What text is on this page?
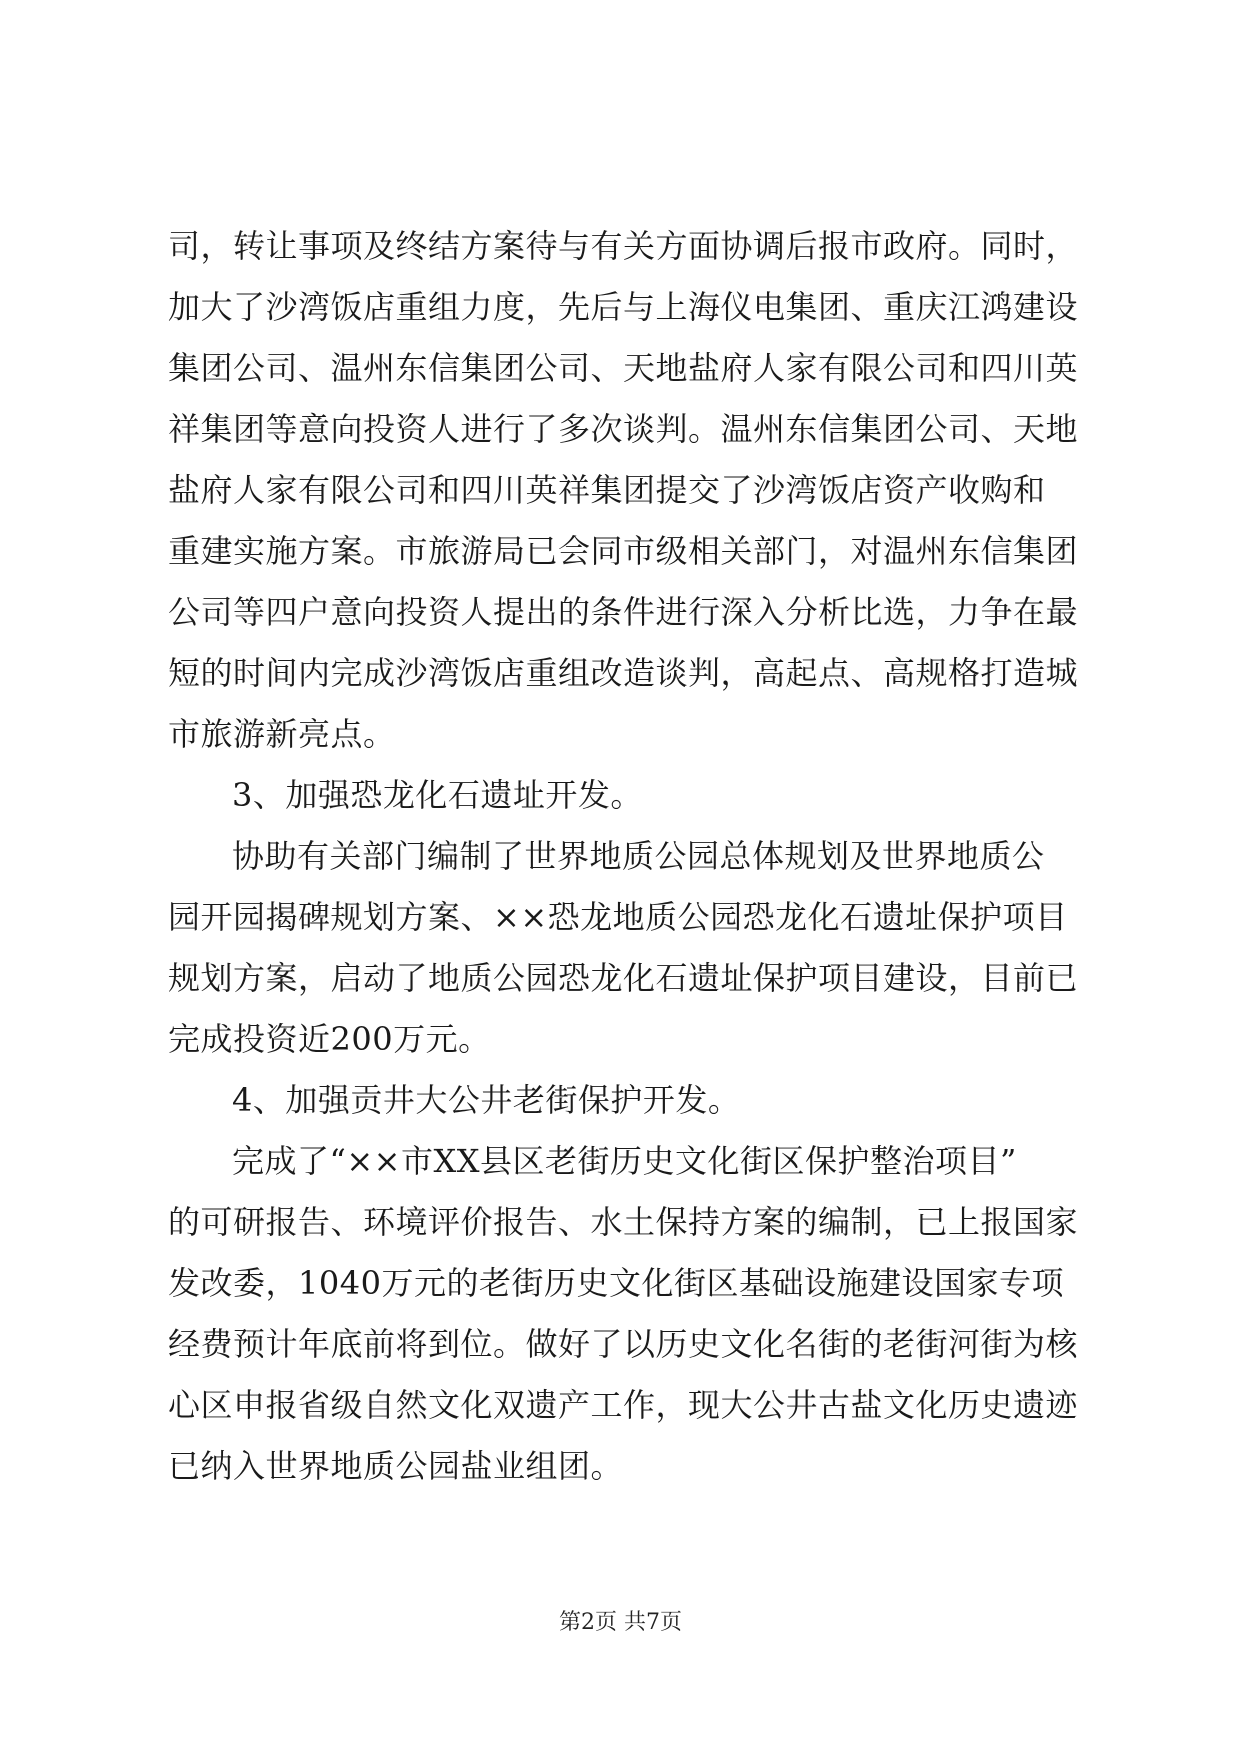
司，转让事项及终结方案待与有关方面协调后报市政府。同时，
加大了沙湾饭店重组力度，先后与上海仪电集团、重庆江鸿建设
集团公司、温州东信集团公司、天地盐府人家有限公司和四川英
祥集团等意向投资人进行了多次谈判。温州东信集团公司、天地
盐府人家有限公司和四川英祥集团提交了沙湾饭店资产收购和
重建实施方案。市旅游局已会同市级相关部门，对温州东信集团
公司等四户意向投资人提出的条件进行深入分析比选，力争在最
短的时间内完成沙湾饭店重组改造谈判，高起点、高规格打造城
市旅游新亮点。
3、加强恐龙化石遗址开发。
协助有关部门编制了世界地质公园总体规划及世界地质公
园开园揭碑规划方案、××恐龙地质公园恐龙化石遗址保护项目
规划方案，启动了地质公园恐龙化石遗址保护项目建设，目前已
完成投资近200万元。
4、加强贡井大公井老街保护开发。
完成了“××市XX县区老街历史文化街区保护整治项目”
的可研报告、环境评价报告、水土保持方案的编制，已上报国家
发改委，1040万元的老街历史文化街区基础设施建设国家专项
经费预计年底前将到位。做好了以历史文化名街的老街河街为核
心区申报省级自然文化双遗产工作，现大公井古盐文化历史遗迹
已纳入世界地质公园盐业组团。
第2页 共7页
